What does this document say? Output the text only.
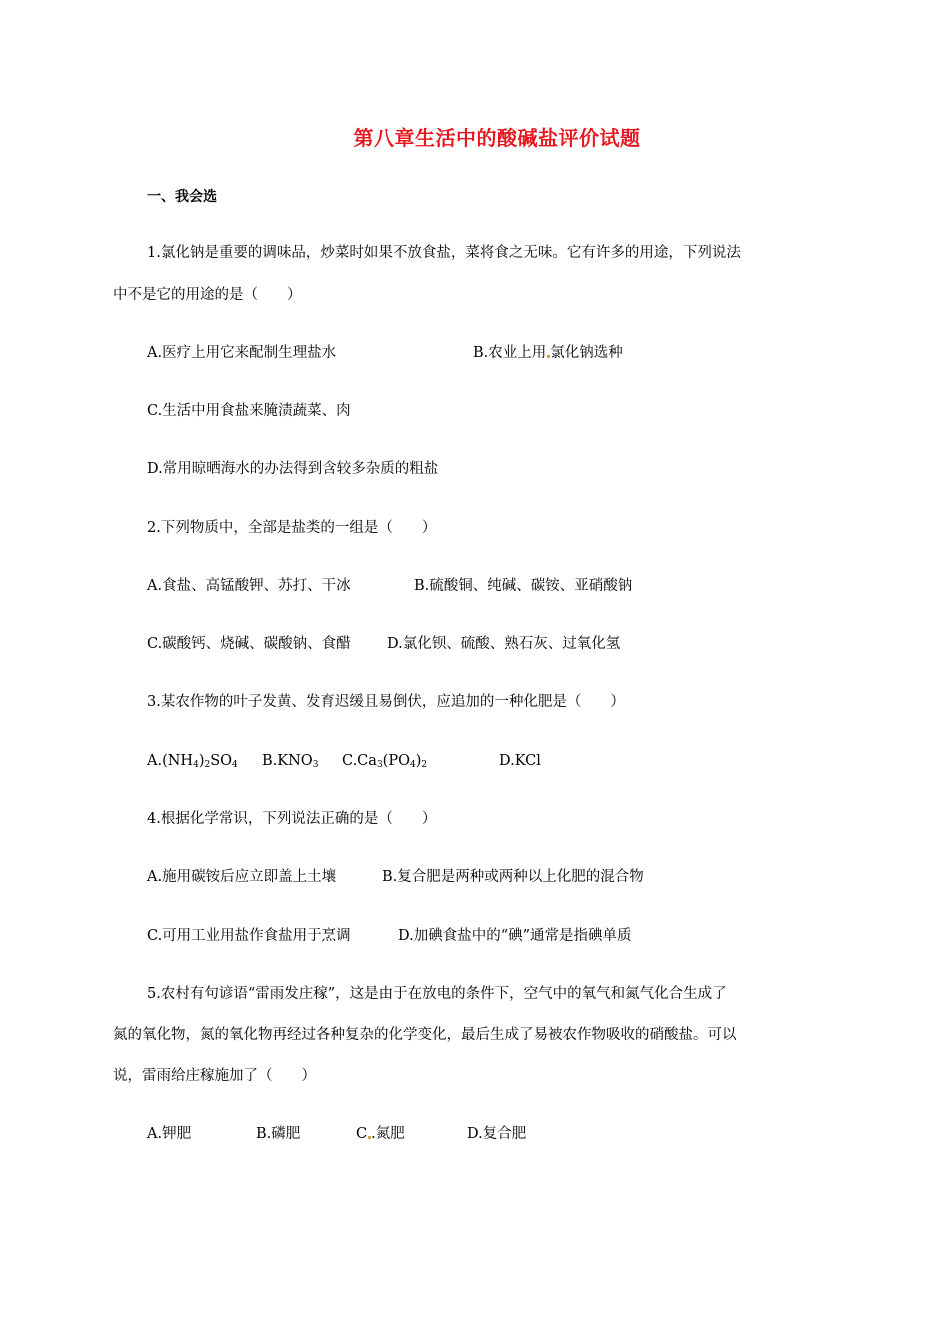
第八章生活中的酸碱盐评价试题
一、我会选
1.氯化钠是重要的调味品，炒菜时如果不放食盐，菜将食之无味。它有许多的用途，下列说法
中不是它的用途的是（　　）
A.医疗上用它来配制生理盐水	B.农业上用 氯化钠选种
C.生活中用食盐来腌渍蔬菜、肉
D.常用晾晒海水的办法得到含较多杂质的粗盐
2.下列物质中，全部是盐类的一组是（　　）
A.食盐、高锰酸钾、苏打、干冰	B.硫酸铜、纯碱、碳铵、亚硝酸钠
C.碳酸钙、烧碱、碳酸钠、食醋	D.氯化钡、硫酸、熟石灰、过氧化氢
3.某农作物的叶子发黄、发育迟缓且易倒伏，应追加的一种化肥是（　　）
$A.(NH_4)_2SO_4$ $B.KNO_3$ $C.Ca_3(PO_4)_2$	D.KCl
4.根据化学常识，下列说法正确的是（　　）
A.施用碳铵后应立即盖上土壤	B.复合肥是两种或两种以上化肥的混合物
C.可用工业用盐作食盐用于烹调	D.加碘食盐中的“碘”通常是指碘单质
5.农村有句谚语“雷雨发庄稼”，这是由于在放电的条件下，空气中的氧气和氮气化合生成了
氮的氧化物，氮的氧化物再经过各种复杂的化学变化，最后生成了易被农作物吸收的硝酸盐。可以
说，雷雨给庄稼施加了（　　）
A.钾肥	B.磷肥	C .氮肥	D.复合肥
